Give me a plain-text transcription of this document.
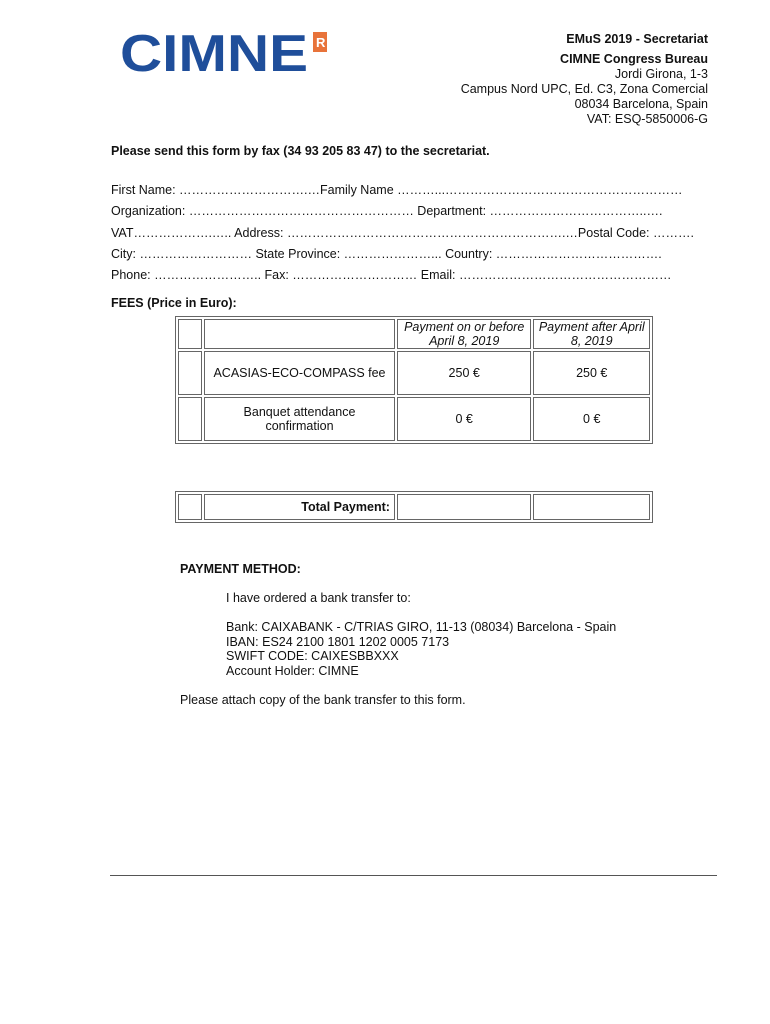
CIMNE R	EMuS 2019 - Secretariat
CIMNE Congress Bureau
Jordi Girona, 1-3
Campus Nord UPC, Ed. C3, Zona Comercial
08034 Barcelona, Spain
VAT: ESQ-5850006-G
Please send this form by fax (34 93 205 83 47) to the secretariat.
First Name: ………………………….…Family Name ………...…………………………………………………
Organization: ……………………………………………… Department: ………………………………..….
VAT……………….….. Address: ………………………………………………………….…Postal Code: ……….
City: ……………………… State Province: …………………... Country: ………………………………….
Phone: …………………….. Fax: ………………………… Email: ……………………………………………
FEES (Price in Euro):
		Payment on or before April 8, 2019	Payment after April 8, 2019
	ACASIAS-ECO-COMPASS fee	250 €	250 €
	Banquet attendance confirmation	0 €	0 €
	Total Payment:		
PAYMENT METHOD:
I have ordered a bank transfer to:
Bank: CAIXABANK - C/TRIAS GIRO, 11-13 (08034) Barcelona - Spain
IBAN: ES24 2100 1801 1202 0005 7173
SWIFT CODE: CAIXESBBXXX
Account Holder: CIMNE
Please attach copy of the bank transfer to this form.
